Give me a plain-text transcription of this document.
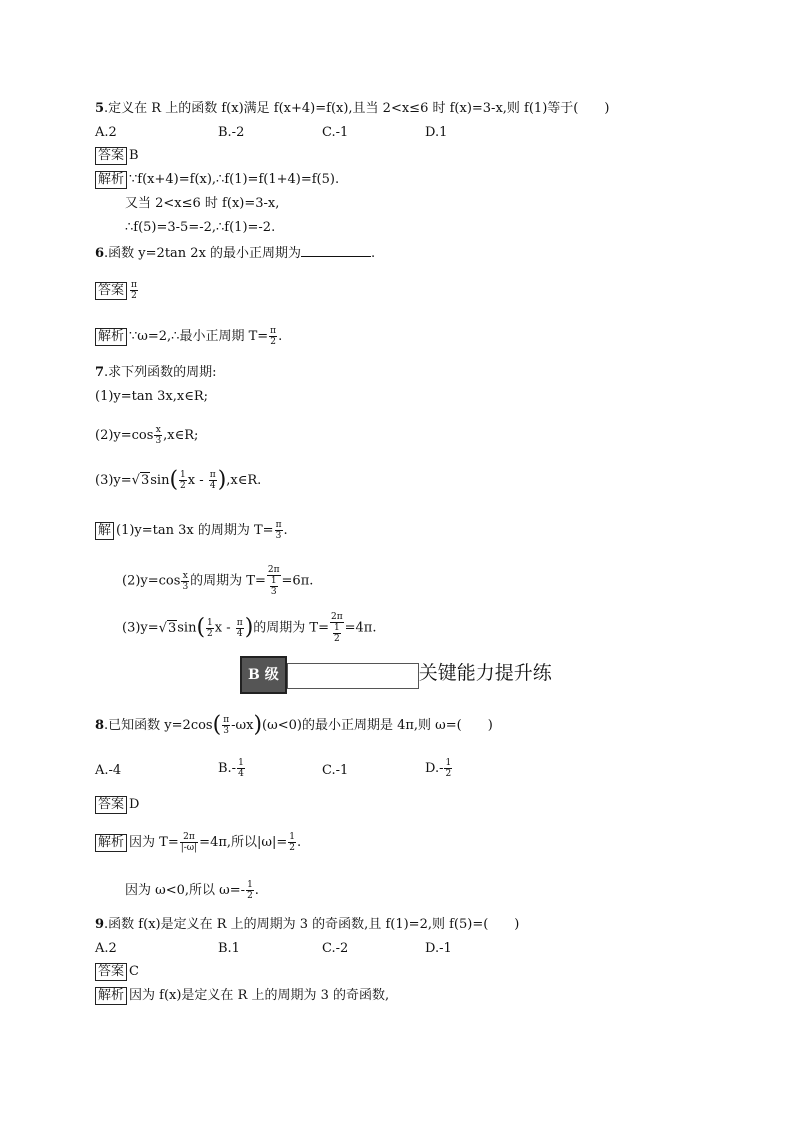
5.定义在 R 上的函数 f(x)满足 f(x+4)=f(x),且当 2<x≤6 时 f(x)=3-x,则 f(1)等于(　　)
A.2	B.-2	C.-1	D.1
答案 B
解析 ∵f(x+4)=f(x),∴f(1)=f(1+4)=f(5).
又当 2<x≤6 时 f(x)=3-x,
∴f(5)=3-5=-2,∴f(1)=-2.
6.函数 y=2tan 2x 的最小正周期为	.
答案 $\frac{\pi}{2}$
解析 ∵ω=2,∴最小正周期 $T= \frac{\pi}{2}$ .
7.求下列函数的周期:
(1)y=tan 3x,x∈R;
$(2)y=\cos \frac{x}{3}$ ,x∈R;
$(3)y=√3\sin( \frac{1}{2}$ x - $\frac{\pi}{4}$ ),x∈R.
解 (1)y=tan 3x 的周期为 $T= \frac{\pi}{3}$ .
$(2)y=\cos \frac{x}{3}$ 的周期为 $T= \frac{2\pi}{\frac{1}{3}} =6\pi$.
$(3)y=√3\sin( \frac{1}{2}$ x - $\frac{\pi}{4}$ )的周期为 $T= \frac{2\pi}{\frac{1}{2}} =4\pi$.
B 级	关键能力提升练
8.已知函数 $y=2\cos( \frac{\pi}{3} -\omega x)(\omega<0)$的最小正周期是 4π,则 ω=(　　)
A.-4	$B.- \frac{1}{4}$	C.-1	$D.- \frac{1}{2}$
答案 D
解析 因为 $T= \frac{2\pi}{|-\omega|} =4\pi$,所以$|\omega|= \frac{1}{2}$ .
因为 ω<0,所以 $\omega=- \frac{1}{2}$ .
9.函数 f(x)是定义在 R 上的周期为 3 的奇函数,且 f(1)=2,则 f(5)=(　　)
A.2	B.1	C.-2	D.-1
答案 C
解析 因为 f(x)是定义在 R 上的周期为 3 的奇函数,
